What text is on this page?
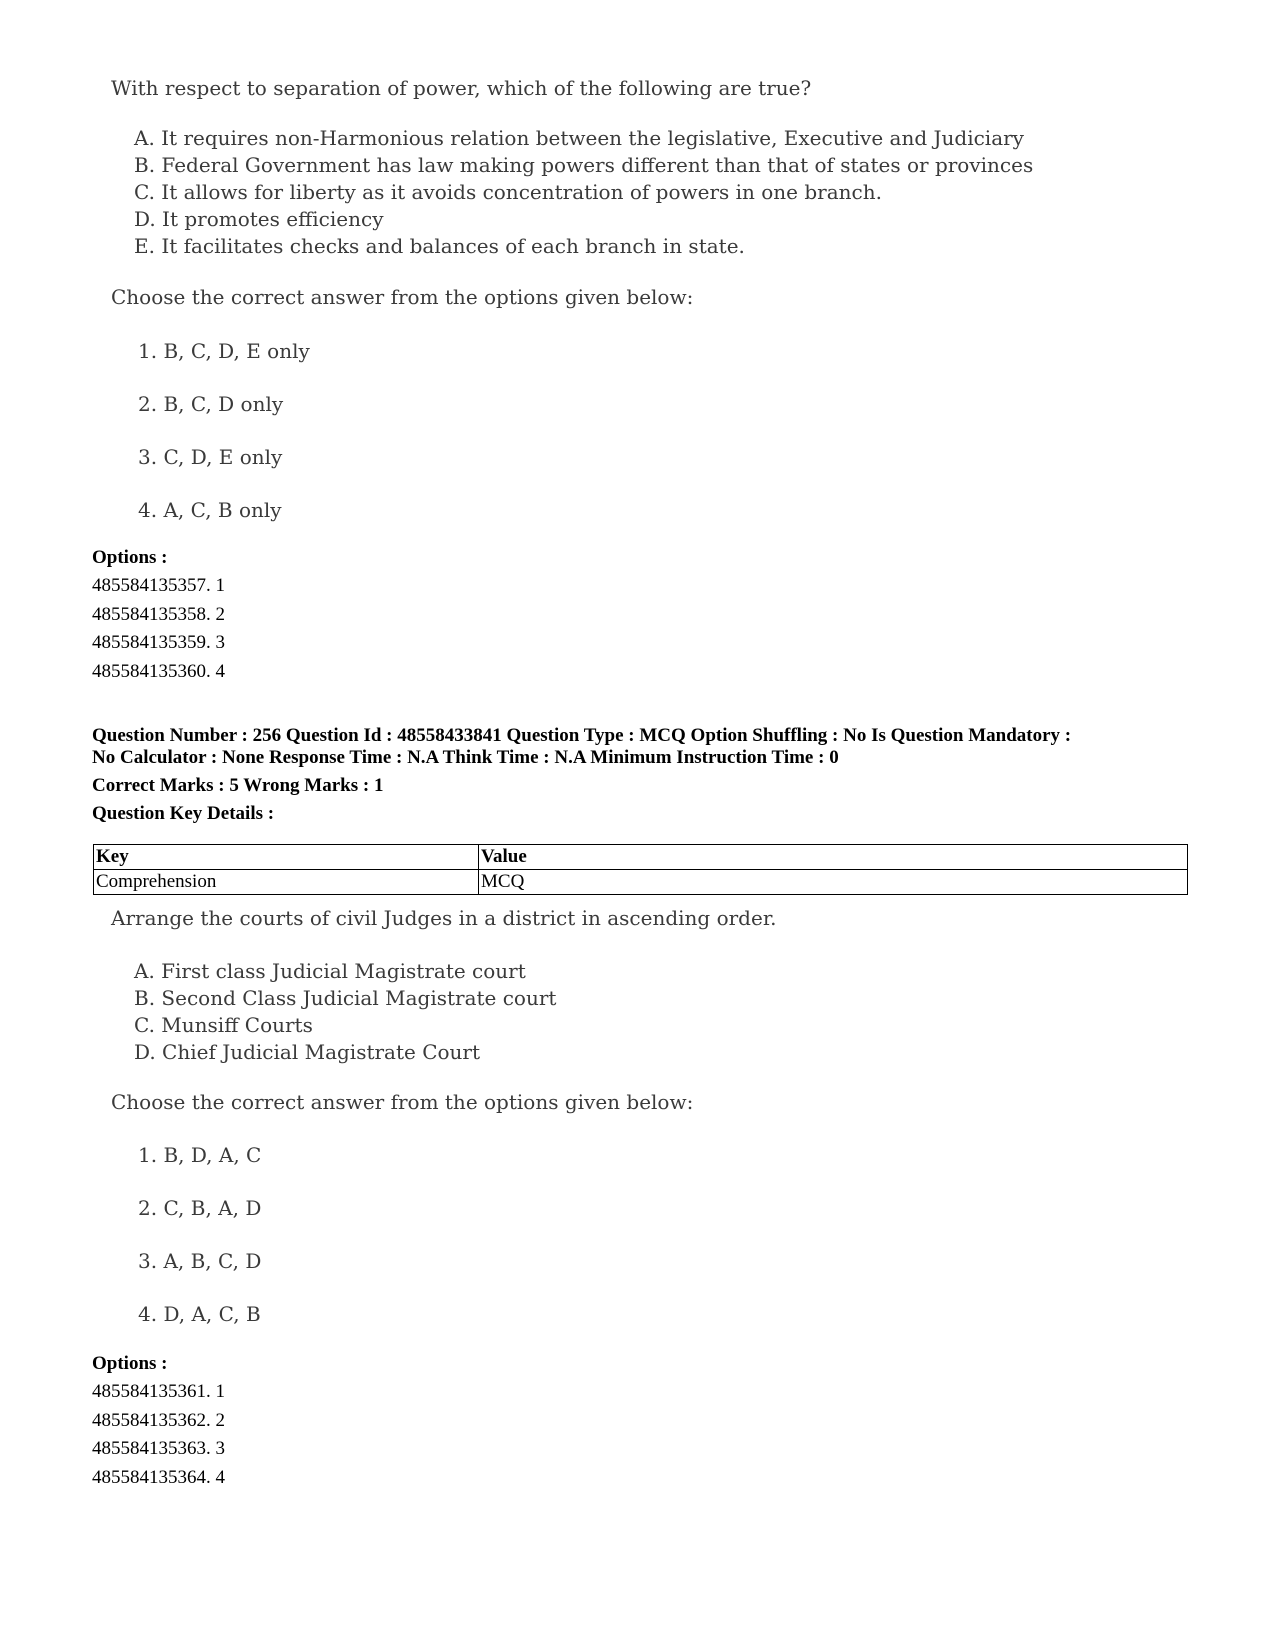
With respect to separation of power, which of the following are true?
A. It requires non-Harmonious relation between the legislative, Executive and Judiciary
B. Federal Government has law making powers different than that of states or provinces
C. It allows for liberty as it avoids concentration of powers in one branch.
D. It promotes efficiency
E. It facilitates checks and balances of each branch in state.
Choose the correct answer from the options given below:
1. B, C, D, E only
2. B, C, D only
3. C, D, E only
4. A, C, B only
Options :
485584135357. 1
485584135358. 2
485584135359. 3
485584135360. 4
Question Number : 256 Question Id : 48558433841 Question Type : MCQ Option Shuffling : No Is Question Mandatory :
No Calculator : None Response Time : N.A Think Time : N.A Minimum Instruction Time : 0
Correct Marks : 5 Wrong Marks : 1
Question Key Details :
Key	Value
Comprehension	MCQ
Arrange the courts of civil Judges in a district in ascending order.
A. First class Judicial Magistrate court
B. Second Class Judicial Magistrate court
C. Munsiff Courts
D. Chief Judicial Magistrate Court
Choose the correct answer from the options given below:
1. B, D, A, C
2. C, B, A, D
3. A, B, C, D
4. D, A, C, B
Options :
485584135361. 1
485584135362. 2
485584135363. 3
485584135364. 4
